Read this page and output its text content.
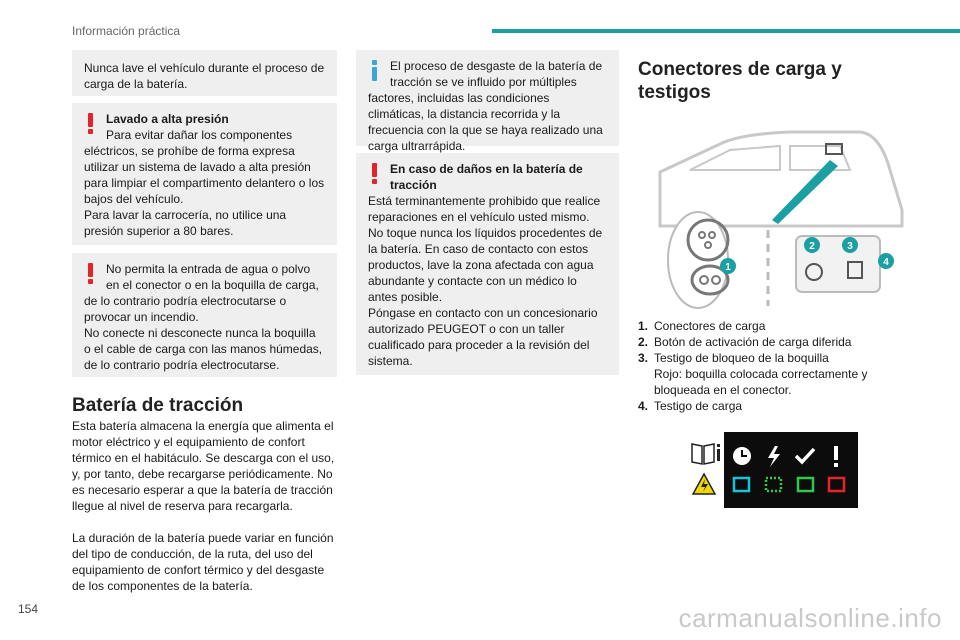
Información práctica

Nunca lave el vehículo durante el proceso de carga de la batería.

Lavado a alta presión

Para evitar dañar los componentes

eléctricos, se prohíbe de forma expresa utilizar un sistema de lavado a alta presión para limpiar el compartimento delantero o los bajos del vehículo.

Para lavar la carrocería, no utilice una presión superior a 80 bares.

No permita la entrada de agua o polvo en el conector o en la boquilla de carga,

de lo contrario podría electrocutarse o provocar un incendio.

No conecte ni desconecte nunca la boquilla o el cable de carga con las manos húmedas, de lo contrario podría electrocutarse.

Batería de tracción
Esta batería almacena la energía que alimenta el motor eléctrico y el equipamiento de confort térmico en el habitáculo. Se descarga con el uso, y, por tanto, debe recargarse periódicamente. No es necesario esperar a que la batería de tracción llegue al nivel de reserva para recargarla.
La duración de la batería puede variar en función del tipo de conducción, de la ruta, del uso del equipamiento de confort térmico y del desgaste de los componentes de la batería.

El proceso de desgaste de la batería de tracción se ve influido por múltiples

factores, incluidas las condiciones climáticas, la distancia recorrida y la frecuencia con la que se haya realizado una carga ultrarrápida.

En caso de daños en la batería de tracción

Está terminantemente prohibido que realice reparaciones en el vehículo usted mismo.

No toque nunca los líquidos procedentes de la batería. En caso de contacto con estos productos, lave la zona afectada con agua abundante y contacte con un médico lo antes posible.

Póngase en contacto con un concesionario autorizado PEUGEOT o con un taller cualificado para proceder a la revisión del sistema.

Conectores de carga y testigos
1
2	3
4
1. Conectores de carga
2. Botón de activación de carga diferida
3. Testigo de bloqueo de la boquilla
Rojo: boquilla colocada correctamente y bloqueada en el conector.
4. Testigo de carga
154	carmanualsonline.info
